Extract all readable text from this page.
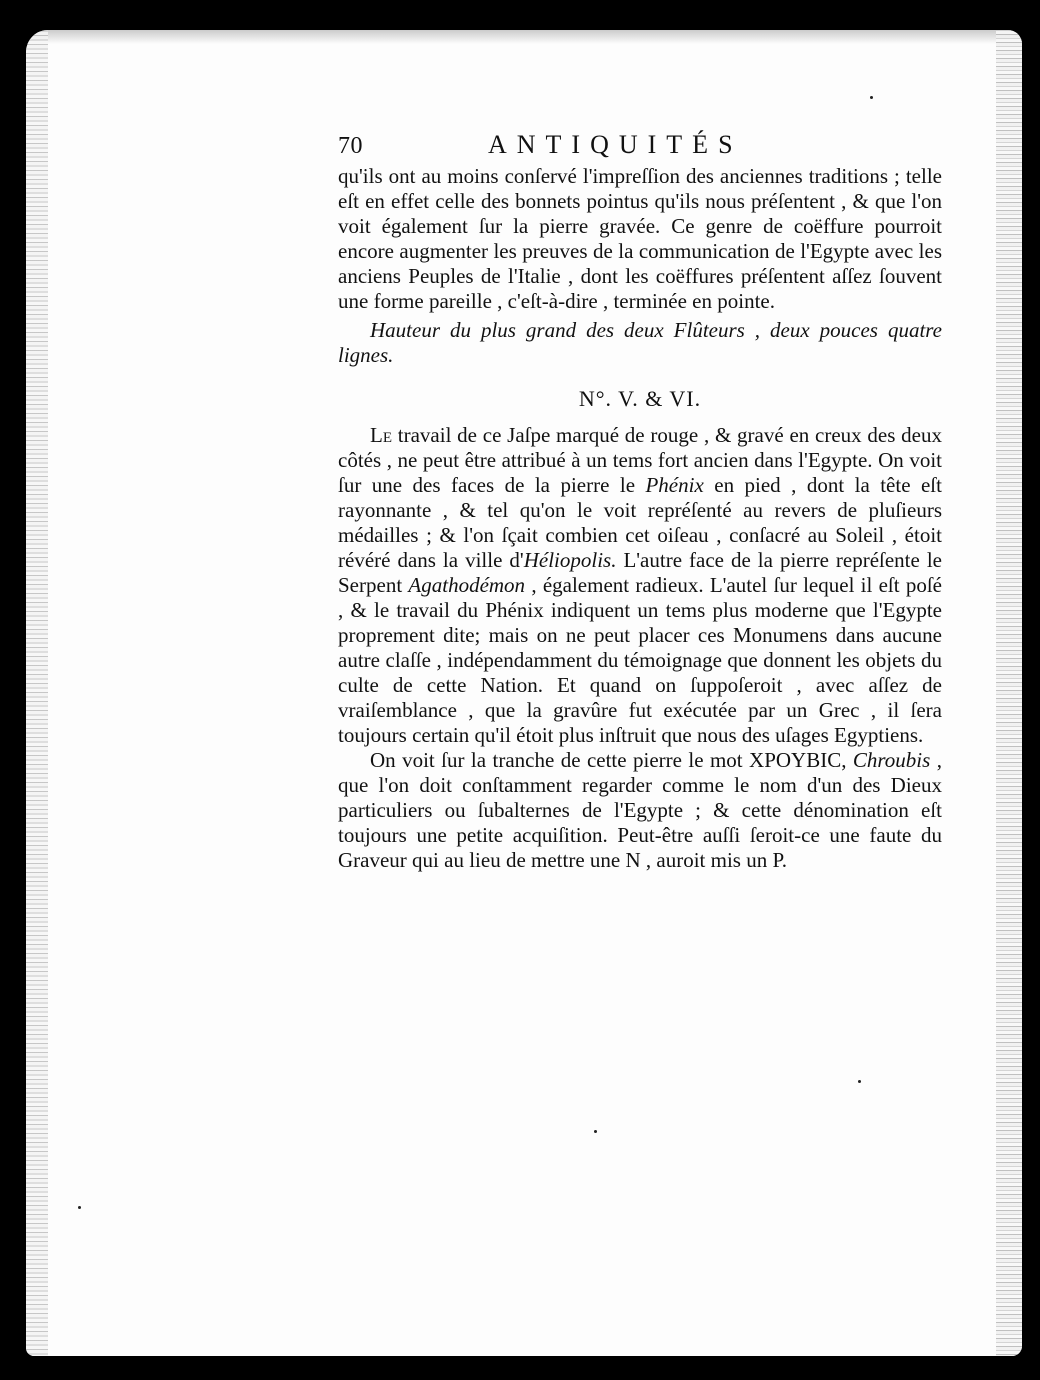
70	ANTIQUITÉS

qu'ils ont au moins conſervé l'impreſſion des anciennes traditions ; telle eſt en effet celle des bonnets pointus qu'ils nous préſentent , & que l'on voit également ſur la pierre gravée. Ce genre de coëffure pourroit encore augmenter les preuves de la communication de l'Egypte avec les anciens Peuples de l'Italie , dont les coëffures préſentent aſſez ſouvent une forme pareille , c'eſt-à-dire , terminée en pointe.

Hauteur du plus grand des deux Flûteurs , deux pouces quatre lignes.

N°. V. & VI.

Le travail de ce Jaſpe marqué de rouge , & gravé en creux des deux côtés , ne peut être attribué à un tems fort ancien dans l'Egypte. On voit ſur une des faces de la pierre le Phénix en pied , dont la tête eſt rayonnante , & tel qu'on le voit repréſenté au revers de pluſieurs médailles ; & l'on ſçait combien cet oiſeau , conſacré au Soleil , étoit révéré dans la ville d'Héliopolis. L'autre face de la pierre repréſente le Serpent Agathodémon , également radieux. L'autel ſur lequel il eſt poſé , & le travail du Phénix indiquent un tems plus moderne que l'Egypte proprement dite; mais on ne peut placer ces Monumens dans aucune autre claſſe , indépendamment du témoignage que donnent les objets du culte de cette Nation. Et quand on ſuppoſeroit , avec aſſez de vraiſemblance , que la gravûre fut exécutée par un Grec , il ſera toujours certain qu'il étoit plus inſtruit que nous des uſages Egyptiens.

On voit ſur la tranche de cette pierre le mot XPOYBIC, Chroubis , que l'on doit conſtamment regarder comme le nom d'un des Dieux particuliers ou ſubalternes de l'Egypte ; & cette dénomination eſt toujours une petite acquiſition. Peut-être auſſi ſeroit-ce une faute du Graveur qui au lieu de mettre une N , auroit mis un P.
